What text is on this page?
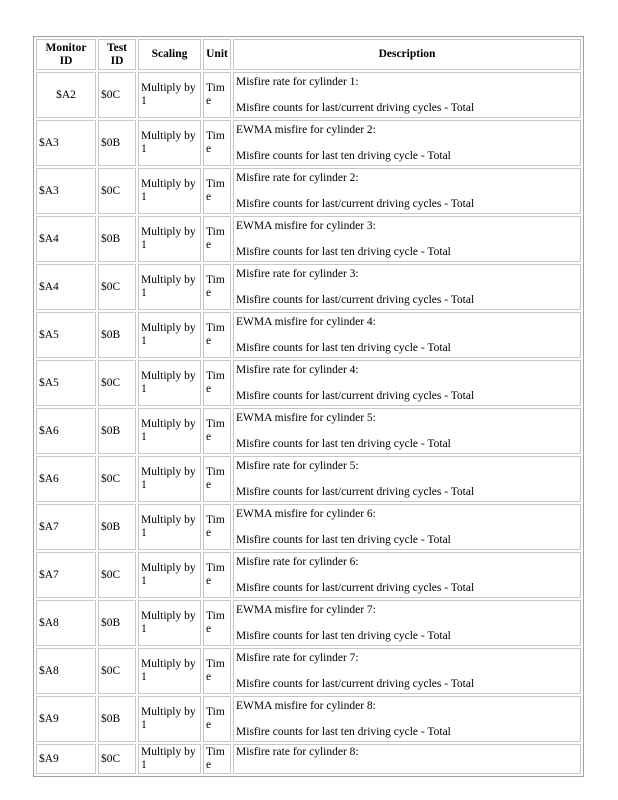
Monitor ID	Test ID	Scaling	Unit	Description
$A2	$0C	Multiply by 1	Time	Misfire rate for cylinder 1:
Misfire counts for last/current driving cycles - Total

$A3	$0B	Multiply by 1	Time	EWMA misfire for cylinder 2:
Misfire counts for last ten driving cycle - Total

$A3	$0C	Multiply by 1	Time	Misfire rate for cylinder 2:
Misfire counts for last/current driving cycles - Total

$A4	$0B	Multiply by 1	Time	EWMA misfire for cylinder 3:
Misfire counts for last ten driving cycle - Total

$A4	$0C	Multiply by 1	Time	Misfire rate for cylinder 3:
Misfire counts for last/current driving cycles - Total

$A5	$0B	Multiply by 1	Time	EWMA misfire for cylinder 4:
Misfire counts for last ten driving cycle - Total

$A5	$0C	Multiply by 1	Time	Misfire rate for cylinder 4:
Misfire counts for last/current driving cycles - Total

$A6	$0B	Multiply by 1	Time	EWMA misfire for cylinder 5:
Misfire counts for last ten driving cycle - Total

$A6	$0C	Multiply by 1	Time	Misfire rate for cylinder 5:
Misfire counts for last/current driving cycles - Total

$A7	$0B	Multiply by 1	Time	EWMA misfire for cylinder 6:
Misfire counts for last ten driving cycle - Total

$A7	$0C	Multiply by 1	Time	Misfire rate for cylinder 6:
Misfire counts for last/current driving cycles - Total

$A8	$0B	Multiply by 1	Time	EWMA misfire for cylinder 7:
Misfire counts for last ten driving cycle - Total

$A8	$0C	Multiply by 1	Time	Misfire rate for cylinder 7:
Misfire counts for last/current driving cycles - Total

$A9	$0B	Multiply by 1	Time	EWMA misfire for cylinder 8:
Misfire counts for last ten driving cycle - Total

$A9	$0C	Multiply by 1	Time	Misfire rate for cylinder 8:
